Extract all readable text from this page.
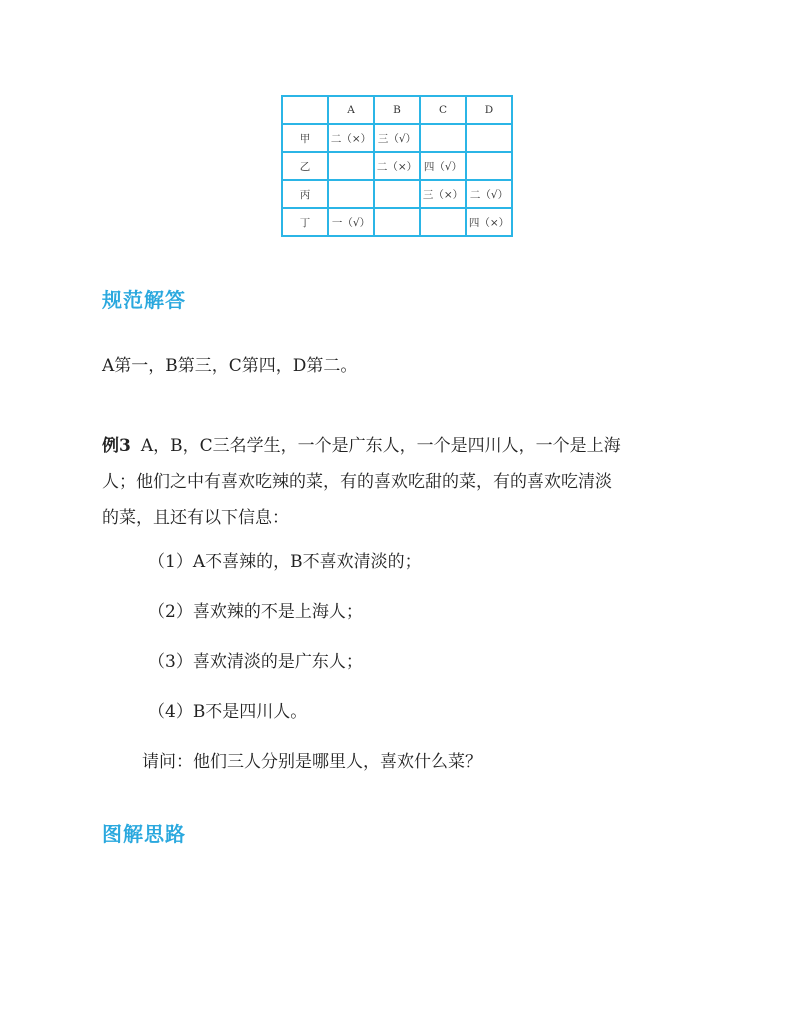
	A	B	C	D
甲	二（×）	三（√）		
乙		二（×）	四（√）	
丙			三（×）	二（√）
丁	一（√）			四（×）
规范解答
A第一，B第三，C第四，D第二。
例3 A，B，C三名学生，一个是广东人，一个是四川人，一个是上海
人；他们之中有喜欢吃辣的菜，有的喜欢吃甜的菜，有的喜欢吃清淡
的菜，且还有以下信息：
（1）A不喜辣的，B不喜欢清淡的；
（2）喜欢辣的不是上海人；
（3）喜欢清淡的是广东人；
（4）B不是四川人。
请问：他们三人分别是哪里人，喜欢什么菜？
图解思路
